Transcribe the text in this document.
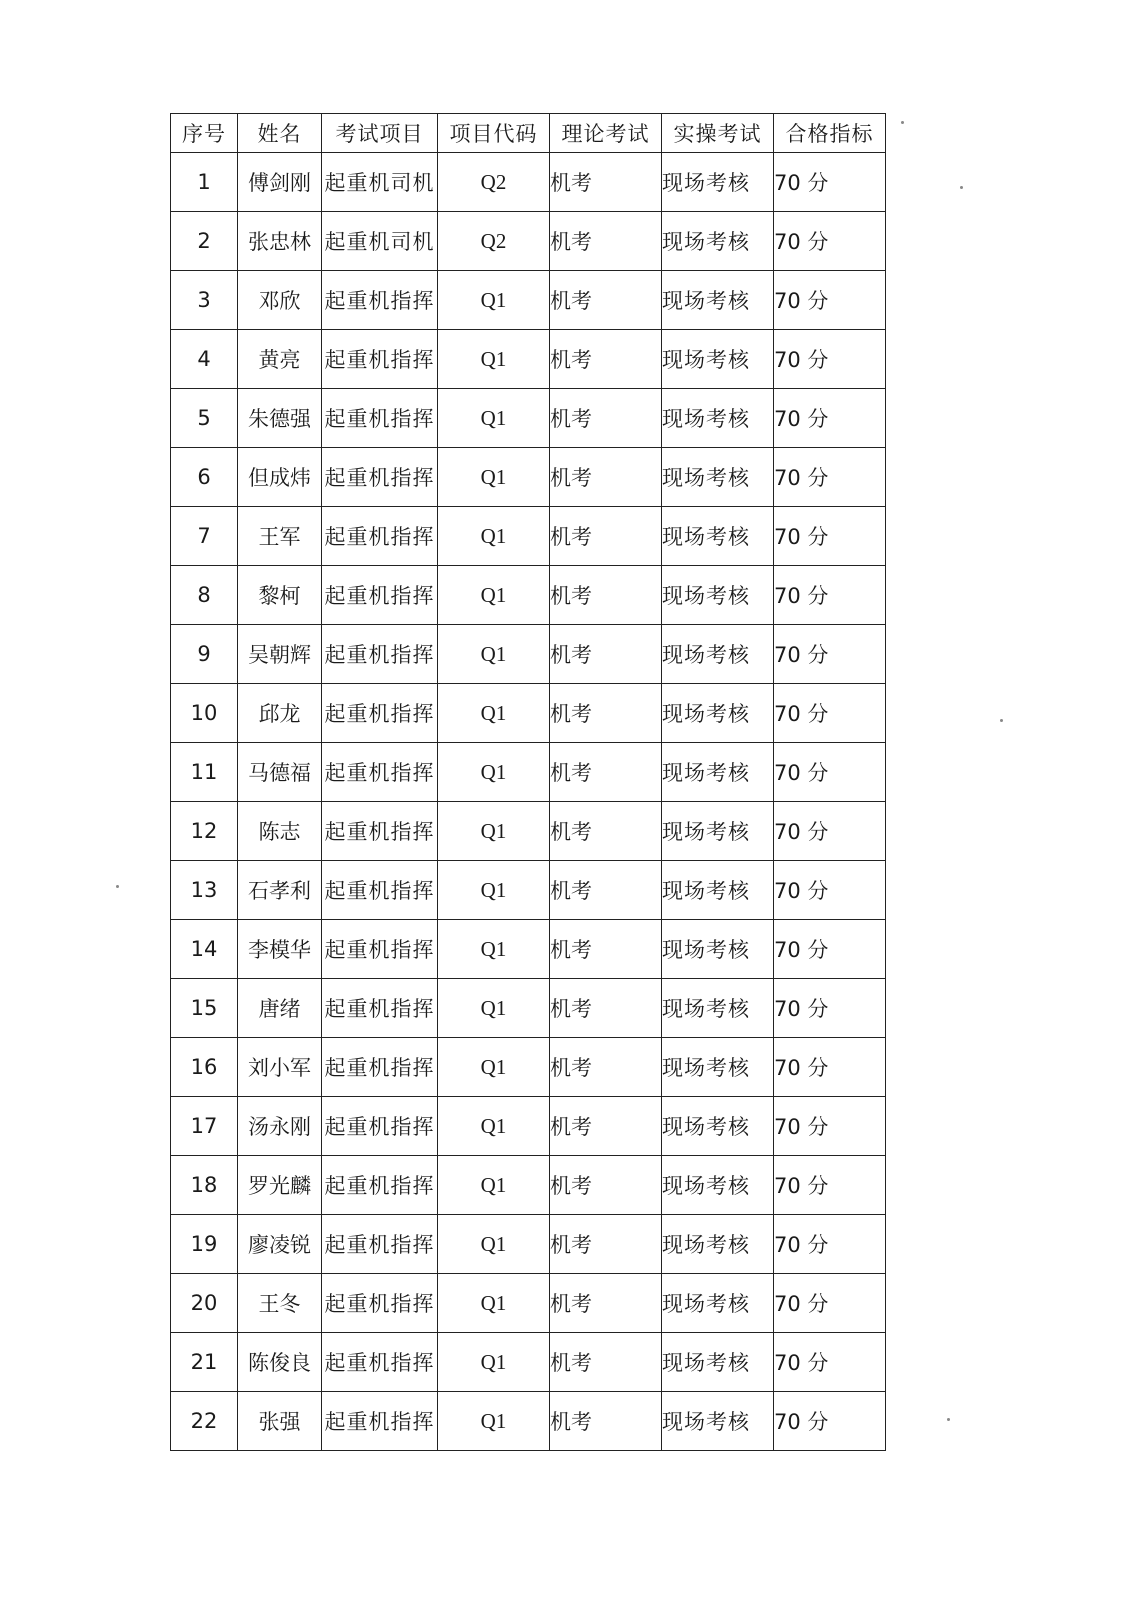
序号	姓名	考试项目	项目代码	理论考试	实操考试	合格指标
1	傅剑刚	起重机司机	Q2	机考	现场考核	70 分
2	张忠林	起重机司机	Q2	机考	现场考核	70 分
3	邓欣	起重机指挥	Q1	机考	现场考核	70 分
4	黄亮	起重机指挥	Q1	机考	现场考核	70 分
5	朱德强	起重机指挥	Q1	机考	现场考核	70 分
6	但成炜	起重机指挥	Q1	机考	现场考核	70 分
7	王军	起重机指挥	Q1	机考	现场考核	70 分
8	黎柯	起重机指挥	Q1	机考	现场考核	70 分
9	吴朝辉	起重机指挥	Q1	机考	现场考核	70 分
10	邱龙	起重机指挥	Q1	机考	现场考核	70 分
11	马德福	起重机指挥	Q1	机考	现场考核	70 分
12	陈志	起重机指挥	Q1	机考	现场考核	70 分
13	石孝利	起重机指挥	Q1	机考	现场考核	70 分
14	李模华	起重机指挥	Q1	机考	现场考核	70 分
15	唐绪	起重机指挥	Q1	机考	现场考核	70 分
16	刘小军	起重机指挥	Q1	机考	现场考核	70 分
17	汤永刚	起重机指挥	Q1	机考	现场考核	70 分
18	罗光麟	起重机指挥	Q1	机考	现场考核	70 分
19	廖凌锐	起重机指挥	Q1	机考	现场考核	70 分
20	王冬	起重机指挥	Q1	机考	现场考核	70 分
21	陈俊良	起重机指挥	Q1	机考	现场考核	70 分
22	张强	起重机指挥	Q1	机考	现场考核	70 分
